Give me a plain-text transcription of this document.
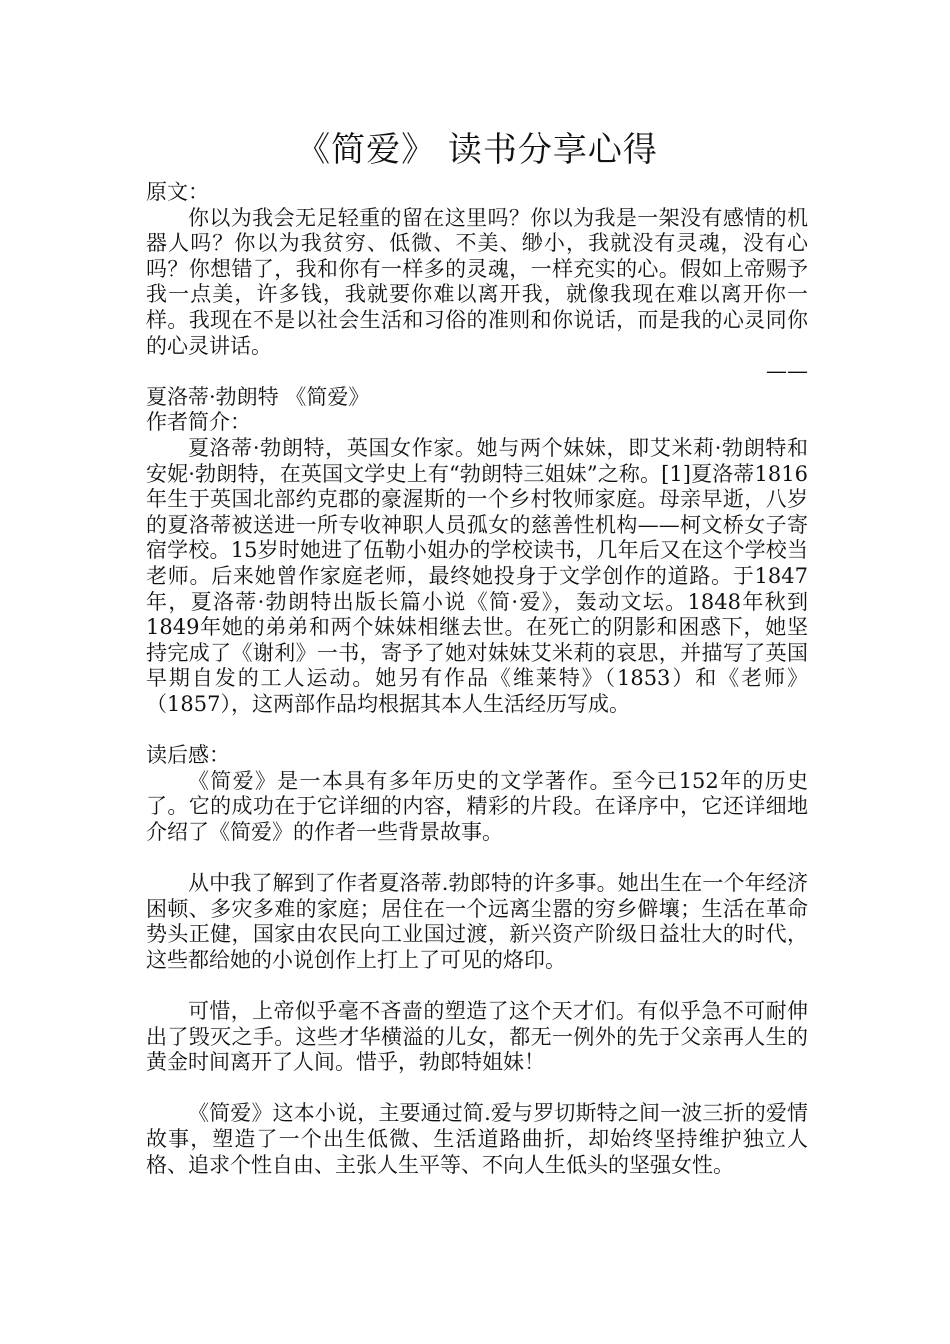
《简爱》 读书分享心得
原文：

你以为我会无足轻重的留在这里吗？你以为我是一架没有感情的机器人吗？你以为我贫穷、低微、不美、缈小，我就没有灵魂，没有心吗？你想错了，我和你有一样多的灵魂，一样充实的心。假如上帝赐予我一点美，许多钱，我就要你难以离开我，就像我现在难以离开你一样。我现在不是以社会生活和习俗的准则和你说话，而是我的心灵同你的心灵讲话。

——

夏洛蒂·勃朗特 《简爱》
作者简介：

夏洛蒂·勃朗特，英国女作家。她与两个妹妹，即艾米莉·勃朗特和安妮·勃朗特，在英国文学史上有“勃朗特三姐妹”之称。[1]夏洛蒂1816年生于英国北部约克郡的豪渥斯的一个乡村牧师家庭。母亲早逝，八岁的夏洛蒂被送进一所专收神职人员孤女的慈善性机构——柯文桥女子寄宿学校。15岁时她进了伍勒小姐办的学校读书，几年后又在这个学校当老师。后来她曾作家庭老师，最终她投身于文学创作的道路。于1847年，夏洛蒂·勃朗特出版长篇小说《简·爱》，轰动文坛。1848年秋到1849年她的弟弟和两个妹妹相继去世。在死亡的阴影和困惑下，她坚持完成了《谢利》一书，寄予了她对妹妹艾米莉的哀思，并描写了英国早期自发的工人运动。她另有作品《维莱特》（1853）和《老师》（1857），这两部作品均根据其本人生活经历写成。

读后感：

《简爱》是一本具有多年历史的文学著作。至今已152年的历史了。它的成功在于它详细的内容，精彩的片段。在译序中，它还详细地介绍了《简爱》的作者一些背景故事。

从中我了解到了作者夏洛蒂.勃郎特的许多事。她出生在一个年经济困顿、多灾多难的家庭；居住在一个远离尘嚣的穷乡僻壤；生活在革命势头正健，国家由农民向工业国过渡，新兴资产阶级日益壮大的时代，这些都给她的小说创作上打上了可见的烙印。

可惜，上帝似乎毫不吝啬的塑造了这个天才们。有似乎急不可耐伸出了毁灭之手。这些才华横溢的儿女，都无一例外的先于父亲再人生的黄金时间离开了人间。惜乎，勃郎特姐妹！

《简爱》这本小说，主要通过简.爱与罗切斯特之间一波三折的爱情故事，塑造了一个出生低微、生活道路曲折，却始终坚持维护独立人格、追求个性自由、主张人生平等、不向人生低头的坚强女性。
